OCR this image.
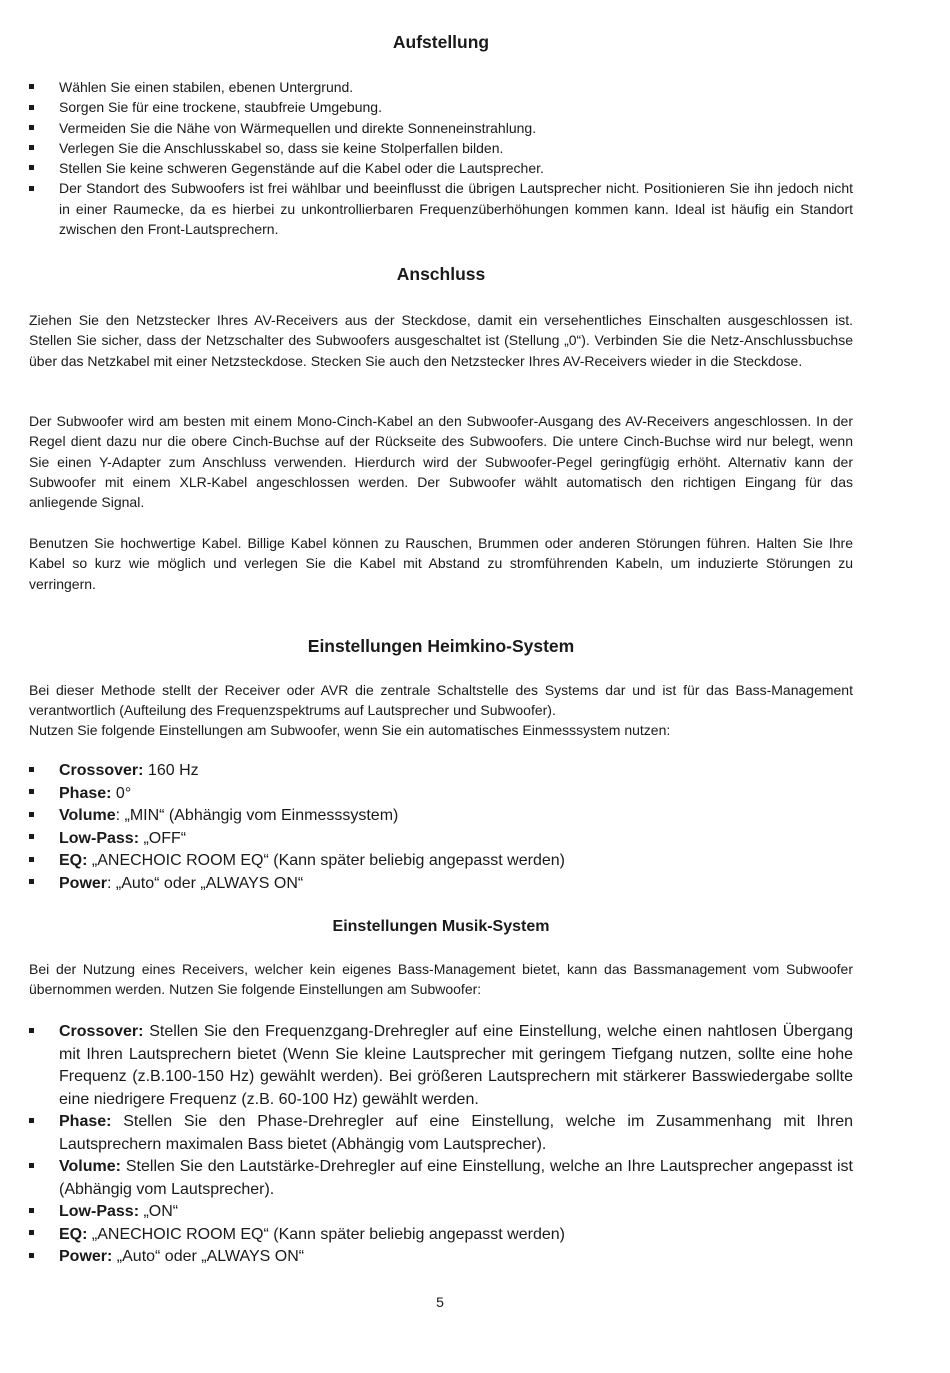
Aufstellung
Wählen Sie einen stabilen, ebenen Untergrund.
Sorgen Sie für eine trockene, staubfreie Umgebung.
Vermeiden Sie die Nähe von Wärmequellen und direkte Sonneneinstrahlung.
Verlegen Sie die Anschlusskabel so, dass sie keine Stolperfallen bilden.
Stellen Sie keine schweren Gegenstände auf die Kabel oder die Lautsprecher.
Der Standort des Subwoofers ist frei wählbar und beeinflusst die übrigen Lautsprecher nicht. Positionieren Sie ihn jedoch nicht in einer Raumecke, da es hierbei zu unkontrollierbaren Frequenzüberhöhungen kommen kann. Ideal ist häufig ein Standort zwischen den Front-Lautsprechern.
Anschluss

Ziehen Sie den Netzstecker Ihres AV-Receivers aus der Steckdose, damit ein versehentliches Einschalten ausgeschlossen ist. Stellen Sie sicher, dass der Netzschalter des Subwoofers ausgeschaltet ist (Stellung „0“). Verbinden Sie die Netz-Anschlussbuchse über das Netzkabel mit einer Netzsteckdose. Stecken Sie auch den Netzstecker Ihres AV-Receivers wieder in die Steckdose.

Der Subwoofer wird am besten mit einem Mono-Cinch-Kabel an den Subwoofer-Ausgang des AV-Receivers angeschlossen. In der Regel dient dazu nur die obere Cinch-Buchse auf der Rückseite des Subwoofers. Die untere Cinch-Buchse wird nur belegt, wenn Sie einen Y-Adapter zum Anschluss verwenden. Hierdurch wird der Subwoofer-Pegel geringfügig erhöht. Alternativ kann der Subwoofer mit einem XLR-Kabel angeschlossen werden. Der Subwoofer wählt automatisch den richtigen Eingang für das anliegende Signal.

Benutzen Sie hochwertige Kabel. Billige Kabel können zu Rauschen, Brummen oder anderen Störungen führen. Halten Sie Ihre Kabel so kurz wie möglich und verlegen Sie die Kabel mit Abstand zu stromführenden Kabeln, um induzierte Störungen zu verringern.

Einstellungen Heimkino-System

Bei dieser Methode stellt der Receiver oder AVR die zentrale Schaltstelle des Systems dar und ist für das Bass-Management verantwortlich (Aufteilung des Frequenzspektrums auf Lautsprecher und Subwoofer).

Nutzen Sie folgende Einstellungen am Subwoofer, wenn Sie ein automatisches Einmesssystem nutzen:

Crossover: 160 Hz
Phase: 0°
Volume: „MIN“ (Abhängig vom Einmesssystem)
Low-Pass: „OFF“
EQ: „ANECHOIC ROOM EQ“ (Kann später beliebig angepasst werden)
Power: „Auto“ oder „ALWAYS ON“
Einstellungen Musik-System

Bei der Nutzung eines Receivers, welcher kein eigenes Bass-Management bietet, kann das Bassmanagement vom Subwoofer übernommen werden. Nutzen Sie folgende Einstellungen am Subwoofer:

Crossover: Stellen Sie den Frequenzgang-Drehregler auf eine Einstellung, welche einen nahtlosen Übergang mit Ihren Lautsprechern bietet (Wenn Sie kleine Lautsprecher mit geringem Tiefgang nutzen, sollte eine hohe Frequenz (z.B.100-150 Hz) gewählt werden). Bei größeren Lautsprechern mit stärkerer Basswiedergabe sollte eine niedrigere Frequenz (z.B. 60-100 Hz) gewählt werden.
Phase: Stellen Sie den Phase-Drehregler auf eine Einstellung, welche im Zusammenhang mit Ihren Lautsprechern maximalen Bass bietet (Abhängig vom Lautsprecher).
Volume: Stellen Sie den Lautstärke-Drehregler auf eine Einstellung, welche an Ihre Lautsprecher angepasst ist (Abhängig vom Lautsprecher).
Low-Pass: „ON“
EQ: „ANECHOIC ROOM EQ“ (Kann später beliebig angepasst werden)
Power: „Auto“ oder „ALWAYS ON“
5
